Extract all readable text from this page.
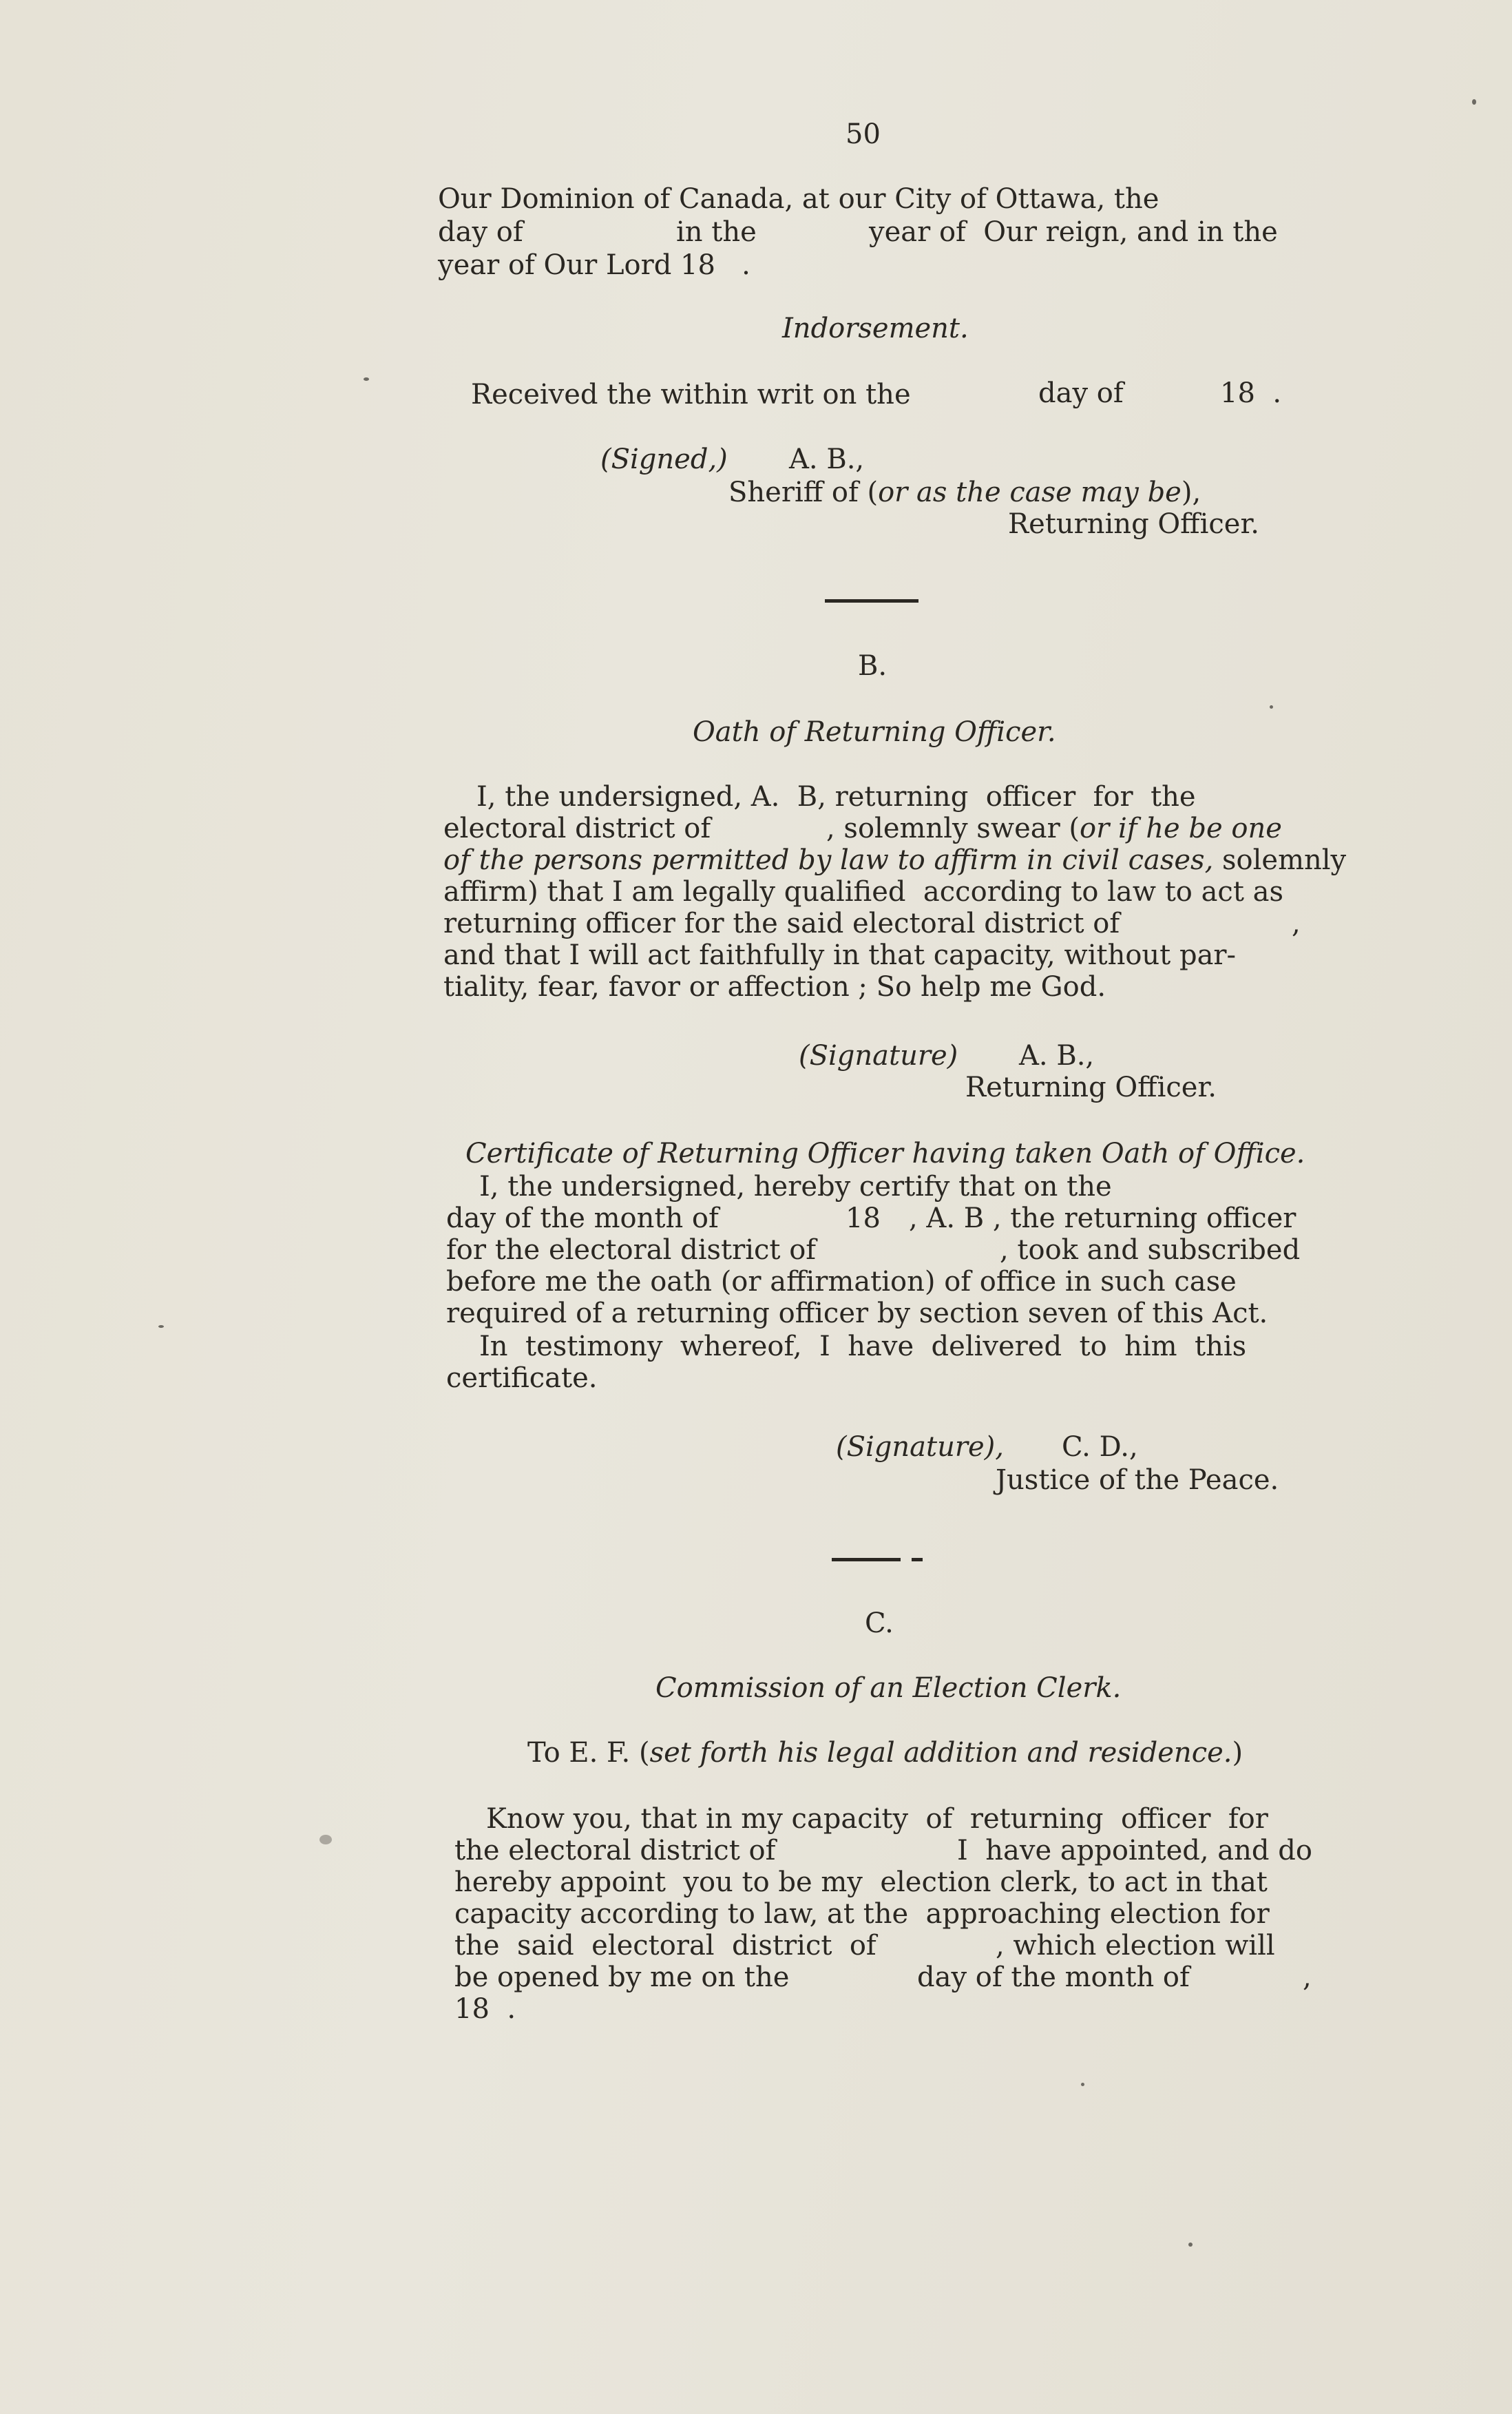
50
Our Dominion of Canada, at our City of Ottawa, the
day of	in the	year of  Our reign, and in the
year of Our Lord 18   .
Indorsement.
Received the within writ on the	day of	18  .
(Signed,) A. B.,
Sheriff of (or as the case may be),
Returning Officer.
B.
Oath of Returning Officer.
I, the undersigned, A.  B, returning  officer  for  the
electoral district of	, solemnly swear (or if he be one
of the persons permitted by law to affirm in civil cases, solemnly
affirm) that I am legally qualified  according to law to act as
returning officer for the said electoral district of	,
and that I will act faithfully in that capacity, without par-
tiality, fear, favor or affection ; So help me God.
(Signature) A. B.,
Returning Officer.
Certificate of Returning Officer having taken Oath of Office.
I, the undersigned, hereby certify that on the
day of the month of	18 , A. B , the returning officer
for the electoral district of	, took and subscribed
before me the oath (or affirmation) of office in such case
required of a returning officer by section seven of this Act.
In  testimony  whereof,  I  have  delivered  to  him  this
certificate.
(Signature), C. D.,
Justice of the Peace.
C.
Commission of an Election Clerk.
To E. F. (set forth his legal addition and residence.)
Know you, that in my capacity  of  returning  officer  for
the electoral district of	I  have appointed, and do
hereby appoint  you to be my  election clerk, to act in that
capacity according to law, at the  approaching election for
the  said  electoral  district  of	, which election will
be opened by me on the	day of the month of	,
18  .
